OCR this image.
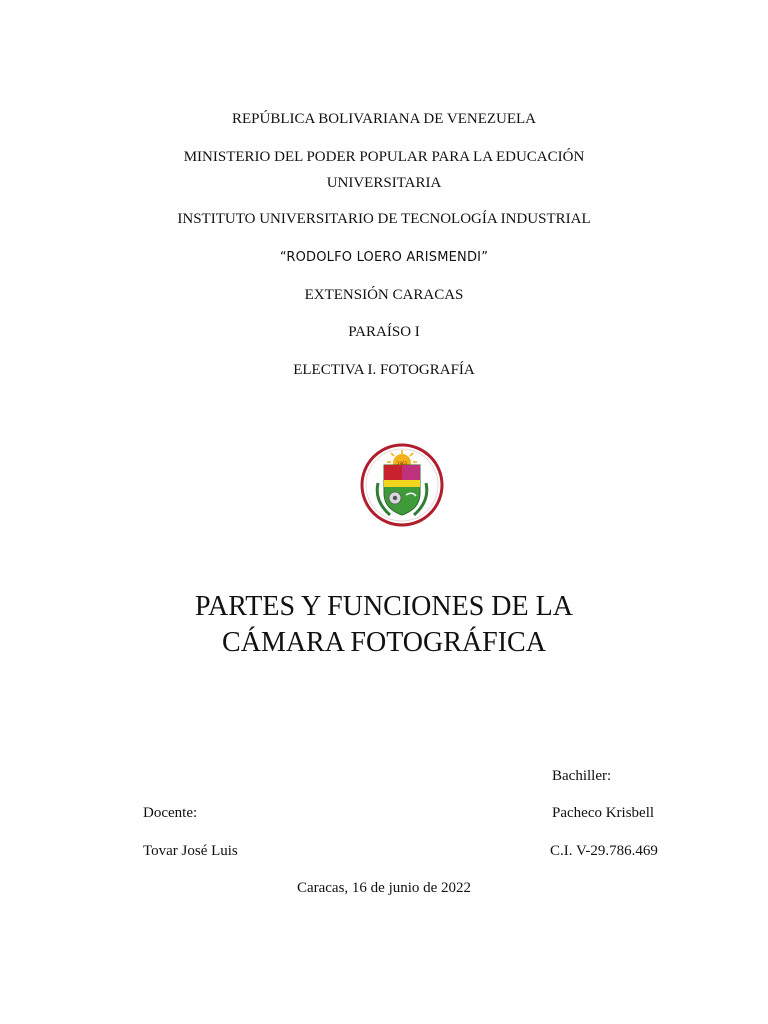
REPÚBLICA BOLIVARIANA DE VENEZUELA
MINISTERIO DEL PODER POPULAR PARA LA EDUCACIÓN
UNIVERSITARIA
INSTITUTO UNIVERSITARIO DE TECNOLOGÍA INDUSTRIAL
“RODOLFO LOERO ARISMENDI”
EXTENSIÓN CARACAS
PARAÍSO I
ELECTIVA I. FOTOGRAFÍA
1963
PARTES Y FUNCIONES DE LA
CÁMARA FOTOGRÁFICA
Bachiller:
Docente:	Pacheco Krisbell
Tovar José Luis	C.I. V-29.786.469
Caracas, 16 de junio de 2022
